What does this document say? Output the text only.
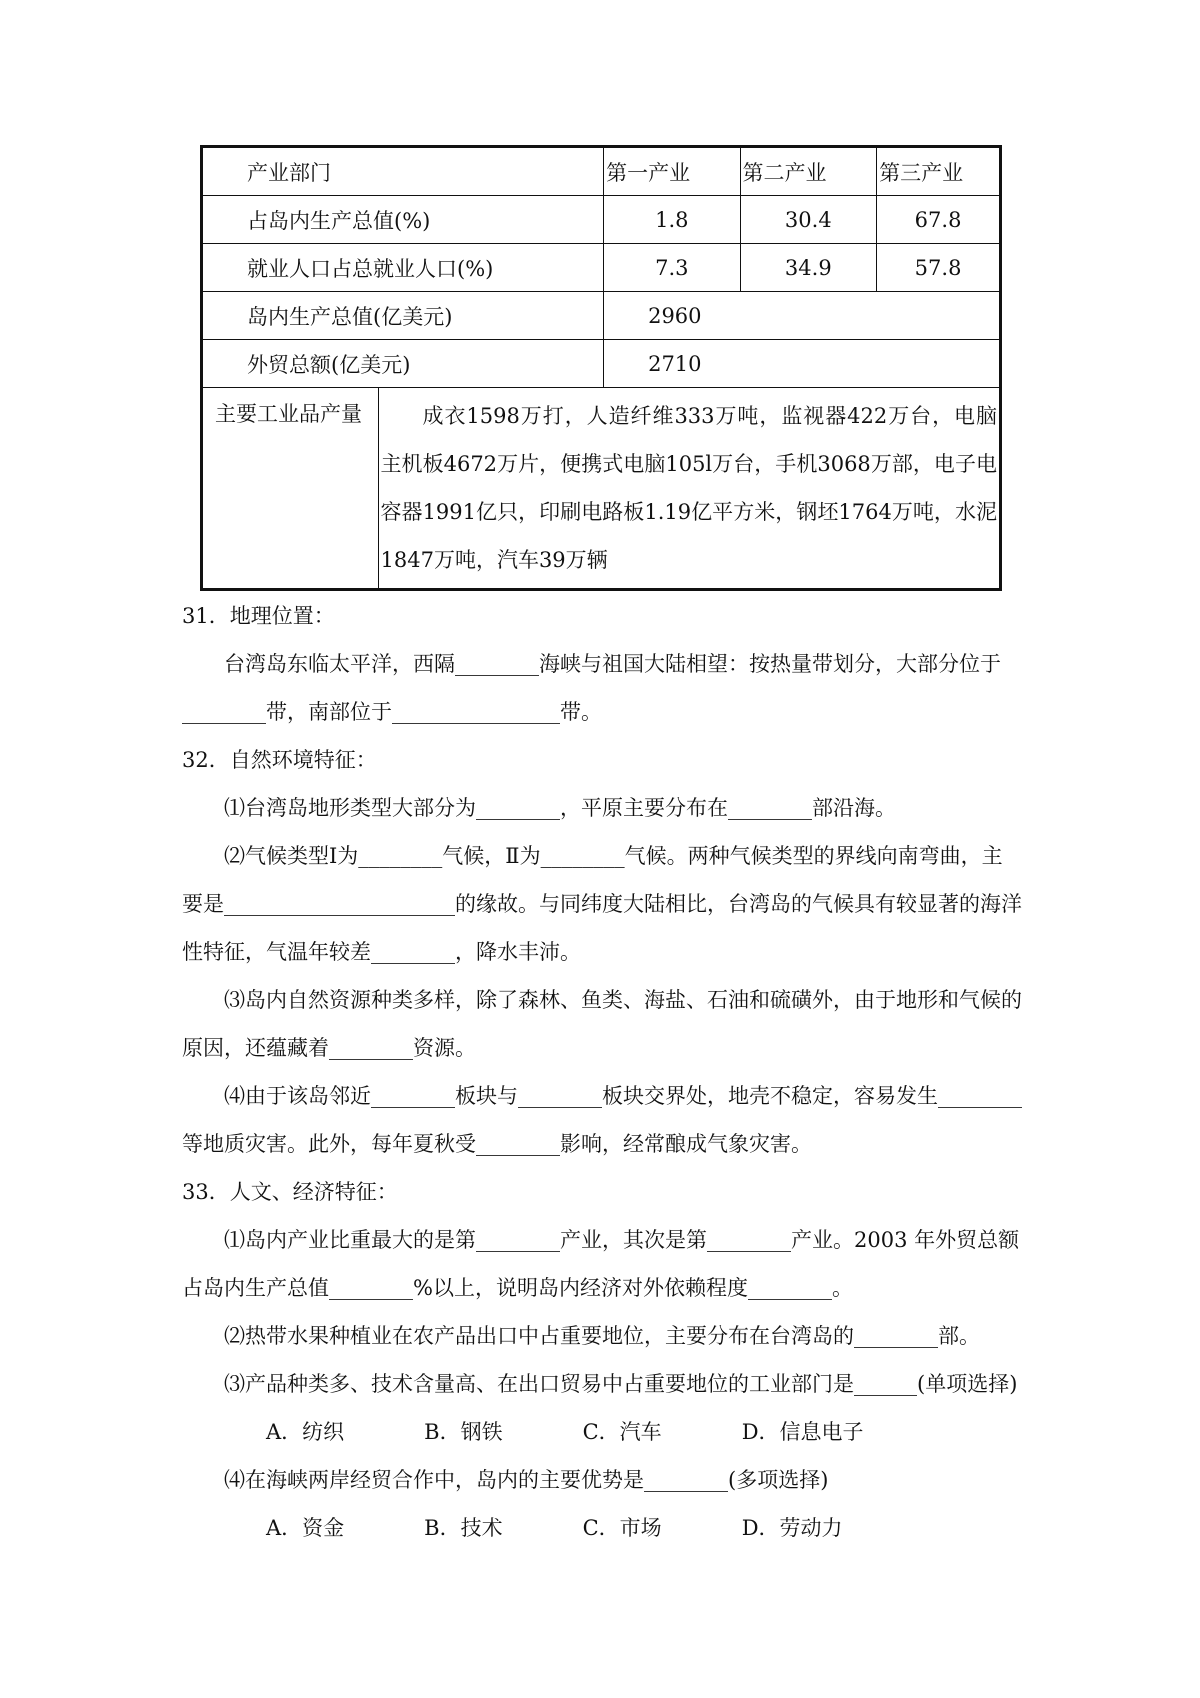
产业部门	第一产业	第二产业	第三产业
占岛内生产总值(%)	1.8	30.4	67.8
就业人口占总就业人口(%)	7.3	34.9	57.8
岛内生产总值(亿美元)	2960
外贸总额(亿美元)	2710

主要工业品产量	成衣1598万打，人造纤维333万吨，监视器422万台，电脑主机板4672万片，便携式电脑105l万台，手机3068万部，电子电容器1991亿只，印刷电路板1.19亿平方米，钢坯1764万吨，水泥1847万吨，汽车39万辆

31．地理位置：

台湾岛东临太平洋，西隔________海峡与祖国大陆相望：按热量带划分，大部分位于________带，南部位于________________带。

32．自然环境特征：

⑴台湾岛地形类型大部分为________，平原主要分布在________部沿海。

⑵气候类型Ⅰ为________气候，Ⅱ为________气候。两种气候类型的界线向南弯曲，主要是______________________的缘故。与同纬度大陆相比，台湾岛的气候具有较显著的海洋性特征，气温年较差________，降水丰沛。

⑶岛内自然资源种类多样，除了森林、鱼类、海盐、石油和硫磺外，由于地形和气候的原因，还蕴藏着________资源。

⑷由于该岛邻近________板块与________板块交界处，地壳不稳定，容易发生________等地质灾害。此外，每年夏秋受________影响，经常酿成气象灾害。

33．人文、经济特征：

⑴岛内产业比重最大的是第________产业，其次是第________产业。2003 年外贸总额占岛内生产总值________%以上，说明岛内经济对外依赖程度________。

⑵热带水果种植业在农产品出口中占重要地位，主要分布在台湾岛的________部。

⑶产品种类多、技术含量高、在出口贸易中占重要地位的工业部门是______(单项选择)

A．纺织	B．钢铁	C．汽车	D．信息电子

⑷在海峡两岸经贸合作中，岛内的主要优势是________(多项选择)

A．资金	B．技术	C．市场	D．劳动力
